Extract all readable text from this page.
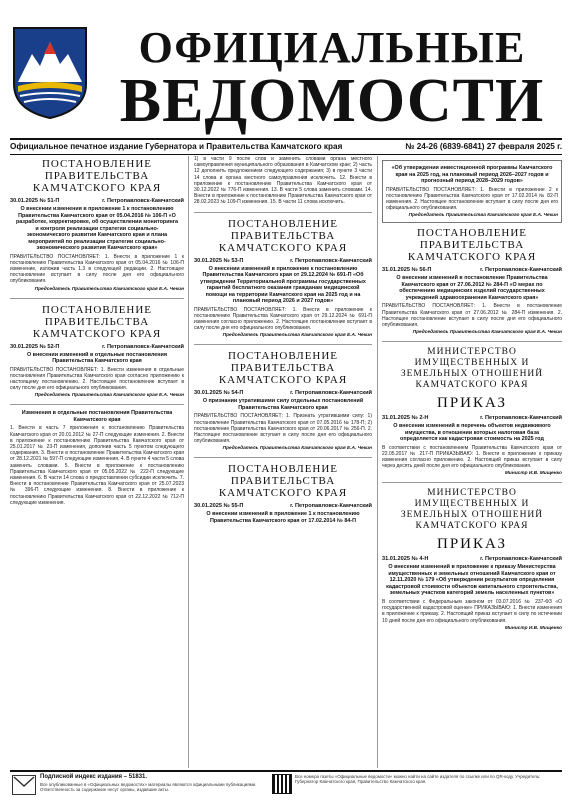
ОФИЦИАЛЬНЫЕ
ВЕДОМОСТИ
Официальное печатное издание Губернатора и Правительства Камчатского края	№ 24-26 (6839-6841) 27 февраля 2025 г.
ПОСТАНОВЛЕНИЕ ПРАВИТЕЛЬСТВА КАМЧАТСКОГО КРАЯ
30.01.2025 № 51-П	г. Петропавловск-Камчатский
О внесении изменения в приложение 1 к постановлению Правительства Камчатского края от 05.04.2016 № 106-П «О разработке, корректировке, об осуществлении мониторинга и контроля реализации стратегии социально-экономического развития Камчатского края и плана мероприятий по реализации стратегии социально-экономического развития Камчатского края»

ПРАВИТЕЛЬСТВО ПОСТАНОВЛЯЕТ: 1. Внести в приложение 1 к постановлению Правительства Камчатского края от 05.04.2016 № 106-П изменение, изложив часть 1.3 в следующей редакции. 2. Настоящее постановление вступает в силу после дня его официального опубликования.

Председатель Правительства Камчатского края Е.А. Чекин
ПОСТАНОВЛЕНИЕ ПРАВИТЕЛЬСТВА КАМЧАТСКОГО КРАЯ
30.01.2025 № 52-П	г. Петропавловск-Камчатский
О внесении изменений в отдельные постановления Правительства Камчатского края

ПРАВИТЕЛЬСТВО ПОСТАНОВЛЯЕТ: 1. Внести изменения в отдельные постановления Правительства Камчатского края согласно приложению к настоящему постановлению. 2. Настоящее постановление вступает в силу после дня его официального опубликования.

Председатель Правительства Камчатского края Е.А. Чекин
Изменения в отдельные постановления Правительства Камчатского края

1. Внести в часть 7 приложения к постановлению Правительства Камчатского края от 20.01.2012 № 27-П следующие изменения. 2. Внести в приложение к постановлению Правительства Камчатского края от 25.01.2017 № 23-П изменения, дополнив часть 5 пунктом следующего содержания. 3. Внести в постановление Правительства Камчатского края от 28.12.2021 № 597-П следующие изменения. 4. В пункте 4 части 5 слова заменить словами. 5. Внести в приложение к постановлению Правительства Камчатского края от 05.05.2022 № 222-П следующие изменения. 6. В части 14 слова о предоставлении субсидии исключить. 7. Внести в постановление Правительства Камчатского края от 25.07.2023 № 396-П следующие изменения. 8. Внести в приложение к постановлению Правительства Камчатского края от 22.12.2022 № 712-П следующие изменения.

1) в части 9 после слов и заменить словами органа местного самоуправления муниципального образования в Камчатском крае; 2) часть 12 дополнить предложением следующего содержания; 3) в пункте 3 части 14 слова и органа местного самоуправления исключить. 12. Внести в приложение к постановлению Правительства Камчатского края от 30.12.2022 № 776-П изменения. 13. В части 5 слова заменить словами. 14. Внести в приложение к постановлению Правительства Камчатского края от 28.02.2023 № 109-П изменения. 15. В части 11 слова исключить.

ПОСТАНОВЛЕНИЕ ПРАВИТЕЛЬСТВА КАМЧАТСКОГО КРАЯ
30.01.2025 № 53-П	г. Петропавловск-Камчатский
О внесении изменений в приложение к постановлению Правительства Камчатского края от 29.12.2024 № 691-П «Об утверждении Территориальной программы государственных гарантий бесплатного оказания гражданам медицинской помощи на территории Камчатского края на 2025 год и на плановый период 2026 и 2027 годов»

ПРАВИТЕЛЬСТВО ПОСТАНОВЛЯЕТ: 1. Внести в приложение к постановлению Правительства Камчатского края от 29.12.2024 № 691-П изменения согласно приложению. 2. Настоящее постановление вступает в силу после дня его официального опубликования.

Председатель Правительства Камчатского края Е.А. Чекин
ПОСТАНОВЛЕНИЕ ПРАВИТЕЛЬСТВА КАМЧАТСКОГО КРАЯ
30.01.2025 № 54-П	г. Петропавловск-Камчатский
О признании утратившими силу отдельных постановлений Правительства Камчатского края

ПРАВИТЕЛЬСТВО ПОСТАНОВЛЯЕТ: 1. Признать утратившими силу: 1) постановление Правительства Камчатского края от 07.05.2016 № 178-П; 2) постановление Правительства Камчатского края от 20.06.2017 № 256-П. 2. Настоящее постановление вступает в силу после дня его официального опубликования.

Председатель Правительства Камчатского края Е.А. Чекин
ПОСТАНОВЛЕНИЕ ПРАВИТЕЛЬСТВА КАМЧАТСКОГО КРАЯ
30.01.2025 № 55-П	г. Петропавловск-Камчатский
О внесении изменений в приложение 1 к постановлению Правительства Камчатского края от 17.02.2014 № 84-П
«Об утверждении инвестиционной программы Камчатского края на 2025 год, на плановый период 2026–2027 годов и прогнозный период 2028–2029 годов»

ПРАВИТЕЛЬСТВО ПОСТАНОВЛЯЕТ: 1. Внести в приложение 2 к постановлению Правительства Камчатского края от 17.02.2014 № 82-П изменения. 2. Настоящее постановление вступает в силу после дня его официального опубликования.

Председатель Правительства Камчатского края Е.А. Чекин
ПОСТАНОВЛЕНИЕ ПРАВИТЕЛЬСТВА КАМЧАТСКОГО КРАЯ
31.01.2025 № 56-П	г. Петропавловск-Камчатский
О внесении изменений в постановление Правительства Камчатского края от 27.06.2012 № 284-П «О мерах по обеспечению медицинских изделий государственных учреждений здравоохранения Камчатского края»

ПРАВИТЕЛЬСТВО ПОСТАНОВЛЯЕТ: 1. Внести в постановление Правительства Камчатского края от 27.06.2012 № 284-П изменения. 2. Настоящее постановление вступает в силу после дня его официального опубликования.

Председатель Правительства Камчатского края Е.А. Чекин
МИНИСТЕРСТВО ИМУЩЕСТВЕННЫХ И ЗЕМЕЛЬНЫХ ОТНОШЕНИЙ КАМЧАТСКОГО КРАЯ
ПРИКАЗ
31.01.2025 № 2-Н	г. Петропавловск-Камчатский
О внесении изменений в перечень объектов недвижимого имущества, в отношении которых налоговая база определяется как кадастровая стоимость на 2025 год

В соответствии с постановлением Правительства Камчатского края от 22.05.2017 № 217-П ПРИКАЗЫВАЮ: 1. Внести в приложение к приказу изменения согласно приложению. 2. Настоящий приказ вступает в силу через десять дней после дня его официального опубликования.

Министр И.В. Мищенко
МИНИСТЕРСТВО ИМУЩЕСТВЕННЫХ И ЗЕМЕЛЬНЫХ ОТНОШЕНИЙ КАМЧАТСКОГО КРАЯ
ПРИКАЗ
31.01.2025 № 4-Н	г. Петропавловск-Камчатский
О внесении изменений в приложение к приказу Министерства имущественных и земельных отношений Камчатского края от 12.11.2020 № 179 «Об утверждении результатов определения кадастровой стоимости объектов капитального строительства, земельных участков категорий земель населенных пунктов»

В соответствии с Федеральным законом от 03.07.2016 № 237-ФЗ «О государственной кадастровой оценке» ПРИКАЗЫВАЮ: 1. Внести изменения в приложение к приказу. 2. Настоящий приказ вступает в силу по истечении 10 дней после дня его официального опубликования.

Министр И.В. Мищенко
Подписной индекс издания – 51831.
Все опубликованные в «Официальных ведомостях» материалы являются официальными публикациями. Ответственность за содержание несут органы, издавшие акты.
Все номера газеты «Официальные ведомости» можно найти на сайте издателя по ссылке или по QR-коду. Учредитель: Губернатор Камчатского края, Правительство Камчатского края.
